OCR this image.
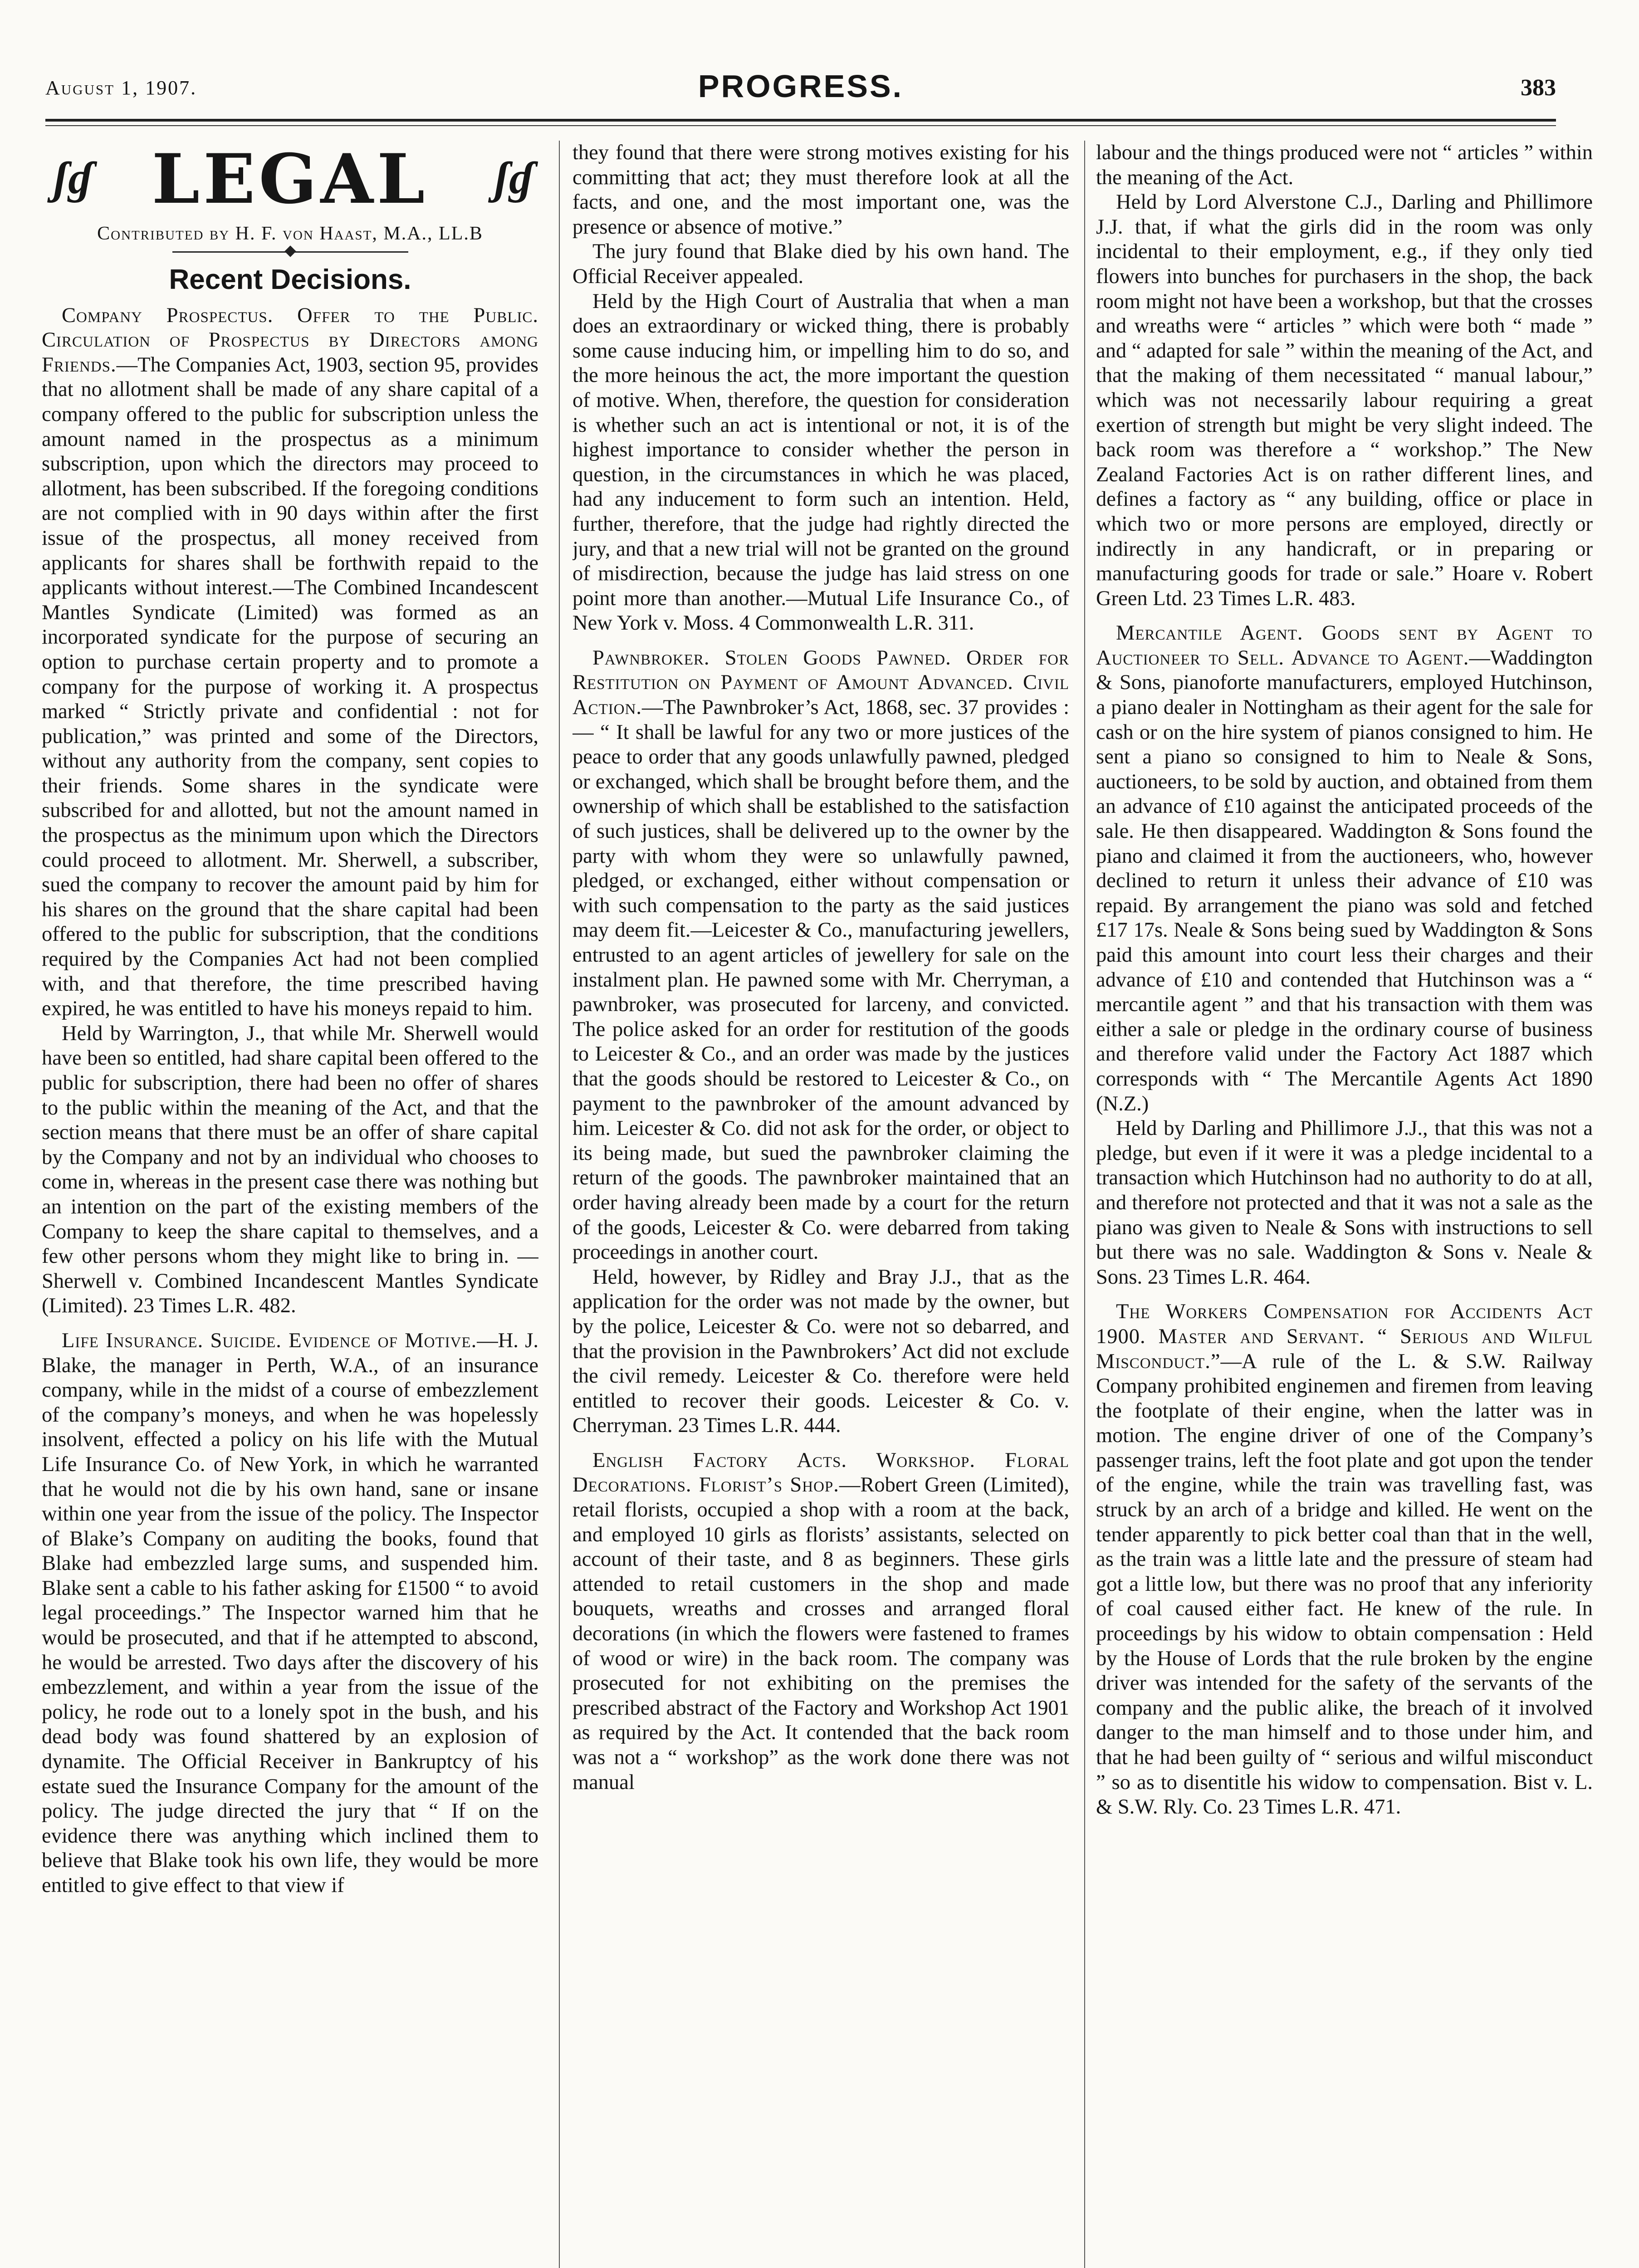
August 1, 1907.	PROGRESS.	383
ʃɠ LEGAL ʃɠ
Contributed by H. F. von Haast, M.A., LL.B
Recent Decisions.

Company Prospectus. Offer to the Public. Circulation of Prospectus by Directors among Friends.—The Companies Act, 1903, section 95, provides that no allotment shall be made of any share capital of a company offered to the public for subscription unless the amount named in the prospectus as a minimum subscription, upon which the directors may proceed to allotment, has been subscribed. If the foregoing conditions are not complied with in 90 days within after the first issue of the prospectus, all money received from applicants for shares shall be forthwith repaid to the applicants without interest.—The Combined Incandescent Mantles Syndicate (Limited) was formed as an incorporated syndicate for the purpose of securing an option to purchase certain property and to promote a company for the purpose of working it. A prospectus marked “ Strictly private and confidential : not for publication,” was printed and some of the Directors, without any authority from the company, sent copies to their friends. Some shares in the syndicate were subscribed for and allotted, but not the amount named in the prospectus as the minimum upon which the Directors could proceed to allotment. Mr. Sherwell, a subscriber, sued the company to recover the amount paid by him for his shares on the ground that the share capital had been offered to the public for subscription, that the conditions required by the Companies Act had not been complied with, and that therefore, the time prescribed having expired, he was entitled to have his moneys repaid to him.

Held by Warrington, J., that while Mr. Sherwell would have been so entitled, had share capital been offered to the public for subscription, there had been no offer of shares to the public within the meaning of the Act, and that the section means that there must be an offer of share capital by the Company and not by an individual who chooses to come in, whereas in the present case there was nothing but an intention on the part of the existing members of the Company to keep the share capital to themselves, and a few other persons whom they might like to bring in. —Sherwell v. Combined Incandescent Mantles Syndicate (Limited). 23 Times L.R. 482.

Life Insurance. Suicide. Evidence of Motive.—H. J. Blake, the manager in Perth, W.A., of an insurance company, while in the midst of a course of embezzlement of the company’s moneys, and when he was hopelessly insolvent, effected a policy on his life with the Mutual Life Insurance Co. of New York, in which he warranted that he would not die by his own hand, sane or insane within one year from the issue of the policy. The Inspector of Blake’s Company on auditing the books, found that Blake had embezzled large sums, and suspended him. Blake sent a cable to his father asking for £1500 “ to avoid legal proceedings.” The Inspector warned him that he would be prosecuted, and that if he attempted to abscond, he would be arrested. Two days after the discovery of his embezzlement, and within a year from the issue of the policy, he rode out to a lonely spot in the bush, and his dead body was found shattered by an explosion of dynamite. The Official Receiver in Bankruptcy of his estate sued the Insurance Company for the amount of the policy. The judge directed the jury that “ If on the evidence there was anything which inclined them to believe that Blake took his own life, they would be more entitled to give effect to that view if

they found that there were strong motives existing for his committing that act; they must therefore look at all the facts, and one, and the most important one, was the presence or absence of motive.”

The jury found that Blake died by his own hand. The Official Receiver appealed.

Held by the High Court of Australia that when a man does an extraordinary or wicked thing, there is probably some cause inducing him, or impelling him to do so, and the more heinous the act, the more important the question of motive. When, therefore, the question for consideration is whether such an act is intentional or not, it is of the highest importance to consider whether the person in question, in the circumstances in which he was placed, had any inducement to form such an intention. Held, further, therefore, that the judge had rightly directed the jury, and that a new trial will not be granted on the ground of misdirection, because the judge has laid stress on one point more than another.—Mutual Life Insurance Co., of New York v. Moss. 4 Commonwealth L.R. 311.

Pawnbroker. Stolen Goods Pawned. Order for Restitution on Payment of Amount Advanced. Civil Action.—The Pawnbroker’s Act, 1868, sec. 37 provides :— “ It shall be lawful for any two or more justices of the peace to order that any goods unlawfully pawned, pledged or exchanged, which shall be brought before them, and the ownership of which shall be established to the satisfaction of such justices, shall be delivered up to the owner by the party with whom they were so unlawfully pawned, pledged, or exchanged, either without compensation or with such compensation to the party as the said justices may deem fit.—Leicester & Co., manufacturing jewellers, entrusted to an agent articles of jewellery for sale on the instalment plan. He pawned some with Mr. Cherryman, a pawnbroker, was prosecuted for larceny, and convicted. The police asked for an order for restitution of the goods to Leicester & Co., and an order was made by the justices that the goods should be restored to Leicester & Co., on payment to the pawnbroker of the amount advanced by him. Leicester & Co. did not ask for the order, or object to its being made, but sued the pawnbroker claiming the return of the goods. The pawnbroker maintained that an order having already been made by a court for the return of the goods, Leicester & Co. were debarred from taking proceedings in another court.

Held, however, by Ridley and Bray J.J., that as the application for the order was not made by the owner, but by the police, Leicester & Co. were not so debarred, and that the provision in the Pawnbrokers’ Act did not exclude the civil remedy. Leicester & Co. therefore were held entitled to recover their goods. Leicester & Co. v. Cherryman. 23 Times L.R. 444.

English Factory Acts. Workshop. Floral Decorations. Florist’s Shop.—Robert Green (Limited), retail florists, occupied a shop with a room at the back, and employed 10 girls as florists’ assistants, selected on account of their taste, and 8 as beginners. These girls attended to retail customers in the shop and made bouquets, wreaths and crosses and arranged floral decorations (in which the flowers were fastened to frames of wood or wire) in the back room. The company was prosecuted for not exhibiting on the premises the prescribed abstract of the Factory and Workshop Act 1901 as required by the Act. It contended that the back room was not a “ workshop” as the work done there was not manual

labour and the things produced were not “ articles ” within the meaning of the Act.

Held by Lord Alverstone C.J., Darling and Phillimore J.J. that, if what the girls did in the room was only incidental to their employment, e.g., if they only tied flowers into bunches for purchasers in the shop, the back room might not have been a workshop, but that the crosses and wreaths were “ articles ” which were both “ made ” and “ adapted for sale ” within the meaning of the Act, and that the making of them necessitated “ manual labour,” which was not necessarily labour requiring a great exertion of strength but might be very slight indeed. The back room was therefore a “ workshop.” The New Zealand Factories Act is on rather different lines, and defines a factory as “ any building, office or place in which two or more persons are employed, directly or indirectly in any handicraft, or in preparing or manufacturing goods for trade or sale.” Hoare v. Robert Green Ltd. 23 Times L.R. 483.

Mercantile Agent. Goods sent by Agent to Auctioneer to Sell. Advance to Agent.—Waddington & Sons, pianoforte manufacturers, employed Hutchinson, a piano dealer in Nottingham as their agent for the sale for cash or on the hire system of pianos consigned to him. He sent a piano so consigned to him to Neale & Sons, auctioneers, to be sold by auction, and obtained from them an advance of £10 against the anticipated proceeds of the sale. He then disappeared. Waddington & Sons found the piano and claimed it from the auctioneers, who, however declined to return it unless their advance of £10 was repaid. By arrangement the piano was sold and fetched £17 17s. Neale & Sons being sued by Waddington & Sons paid this amount into court less their charges and their advance of £10 and contended that Hutchinson was a “ mercantile agent ” and that his transaction with them was either a sale or pledge in the ordinary course of business and therefore valid under the Factory Act 1887 which corresponds with “ The Mercantile Agents Act 1890 (N.Z.)

Held by Darling and Phillimore J.J., that this was not a pledge, but even if it were it was a pledge incidental to a transaction which Hutchinson had no authority to do at all, and therefore not protected and that it was not a sale as the piano was given to Neale & Sons with instructions to sell but there was no sale. Waddington & Sons v. Neale & Sons. 23 Times L.R. 464.

The Workers Compensation for Accidents Act 1900. Master and Servant. “ Serious and Wilful Misconduct.”—A rule of the L. & S.W. Railway Company prohibited enginemen and firemen from leaving the footplate of their engine, when the latter was in motion. The engine driver of one of the Company’s passenger trains, left the foot plate and got upon the tender of the engine, while the train was travelling fast, was struck by an arch of a bridge and killed. He went on the tender apparently to pick better coal than that in the well, as the train was a little late and the pressure of steam had got a little low, but there was no proof that any inferiority of coal caused either fact. He knew of the rule. In proceedings by his widow to obtain compensation : Held by the House of Lords that the rule broken by the engine driver was intended for the safety of the servants of the company and the public alike, the breach of it involved danger to the man himself and to those under him, and that he had been guilty of “ serious and wilful misconduct ” so as to disentitle his widow to compensation. Bist v. L. & S.W. Rly. Co. 23 Times L.R. 471.
